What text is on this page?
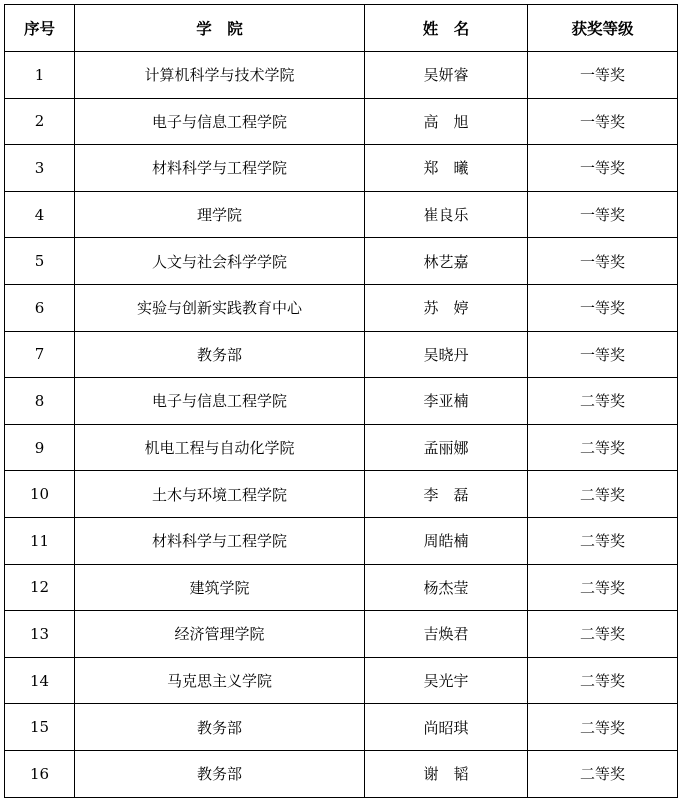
序号	学　院	姓　名	获奖等级
1	计算机科学与技术学院	吴妍睿	一等奖
2	电子与信息工程学院	高　旭	一等奖
3	材料科学与工程学院	郑　曦	一等奖
4	理学院	崔良乐	一等奖
5	人文与社会科学学院	林艺嘉	一等奖
6	实验与创新实践教育中心	苏　婷	一等奖
7	教务部	吴晓丹	一等奖
8	电子与信息工程学院	李亚楠	二等奖
9	机电工程与自动化学院	孟丽娜	二等奖
10	土木与环境工程学院	李　磊	二等奖
11	材料科学与工程学院	周皓楠	二等奖
12	建筑学院	杨杰莹	二等奖
13	经济管理学院	吉焕君	二等奖
14	马克思主义学院	吴光宇	二等奖
15	教务部	尚昭琪	二等奖
16	教务部	谢　韬	二等奖
